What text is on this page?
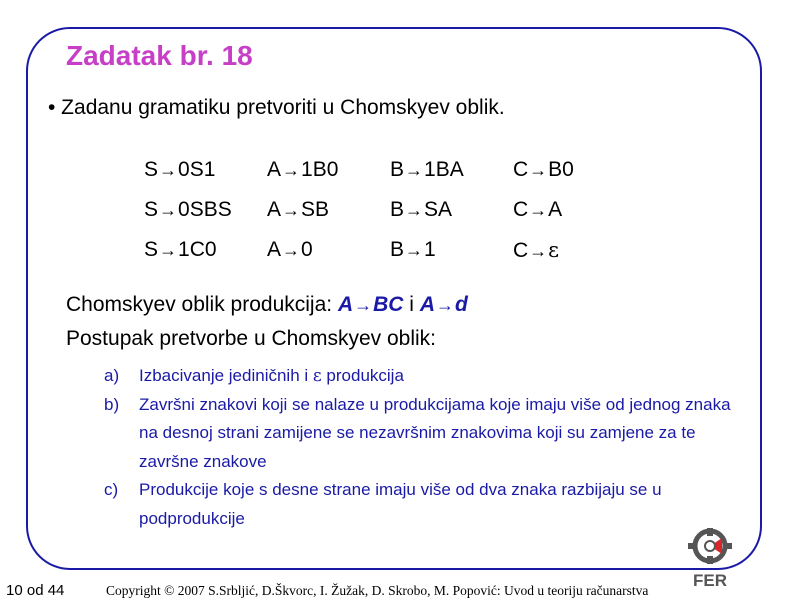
Zadatak br. 18
• Zadanu gramatiku pretvoriti u Chomskyev oblik.
S→0S1	A→1B0	B→1BA	C→B0
S→0SBS	A→SB	B→SA	C→A
S→1C0	A→0	B→1	C→ε
Chomskyev oblik produkcija: A→BC i A→d
Postupak pretvorbe u Chomskyev oblik:
a)	Izbacivanje jediničnih i ε produkcija
b)	Završni znakovi koji se nalaze u produkcijama koje imaju više od jednog znaka na desnoj strani zamijene se nezavršnim znakovima koji su zamjene za te završne znakove
c)	Produkcije koje s desne strane imaju više od dva znaka razbijaju se u podprodukcije
10 od 44	Copyright © 2007 S.Srbljić, D.Škvorc, I. Žužak, D. Skrobo, M. Popović: Uvod u teoriju računarstva
FER
